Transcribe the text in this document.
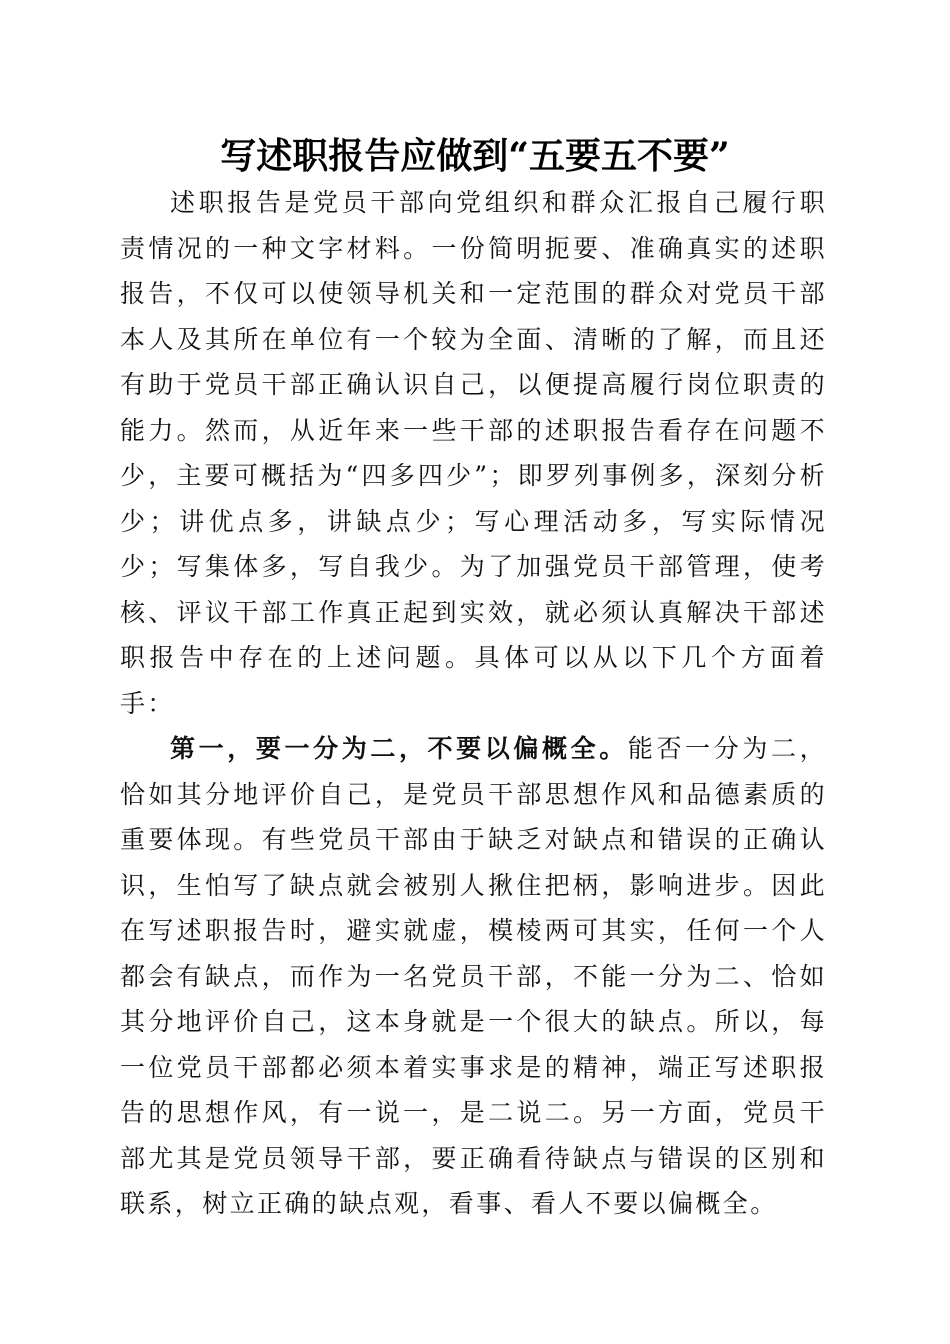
写述职报告应做到“五要五不要”

述职报告是党员干部向党组织和群众汇报自己履行职责情况的一种文字材料。一份简明扼要、准确真实的述职报告，不仅可以使领导机关和一定范围的群众对党员干部本人及其所在单位有一个较为全面、清晰的了解，而且还有助于党员干部正确认识自己，以便提高履行岗位职责的能力。然而，从近年来一些干部的述职报告看存在问题不少，主要可概括为“四多四少”；即罗列事例多，深刻分析少；讲优点多，讲缺点少；写心理活动多，写实际情况少；写集体多，写自我少。为了加强党员干部管理，使考核、评议干部工作真正起到实效，就必须认真解决干部述职报告中存在的上述问题。具体可以从以下几个方面着手：

第一，要一分为二，不要以偏概全。能否一分为二，恰如其分地评价自己，是党员干部思想作风和品德素质的重要体现。有些党员干部由于缺乏对缺点和错误的正确认识，生怕写了缺点就会被别人揪住把柄，影响进步。因此在写述职报告时，避实就虚，模棱两可其实，任何一个人都会有缺点，而作为一名党员干部，不能一分为二、恰如其分地评价自己，这本身就是一个很大的缺点。所以，每一位党员干部都必须本着实事求是的精神，端正写述职报告的思想作风，有一说一，是二说二。另一方面，党员干部尤其是党员领导干部，要正确看待缺点与错误的区别和联系，树立正确的缺点观，看事、看人不要以偏概全。
